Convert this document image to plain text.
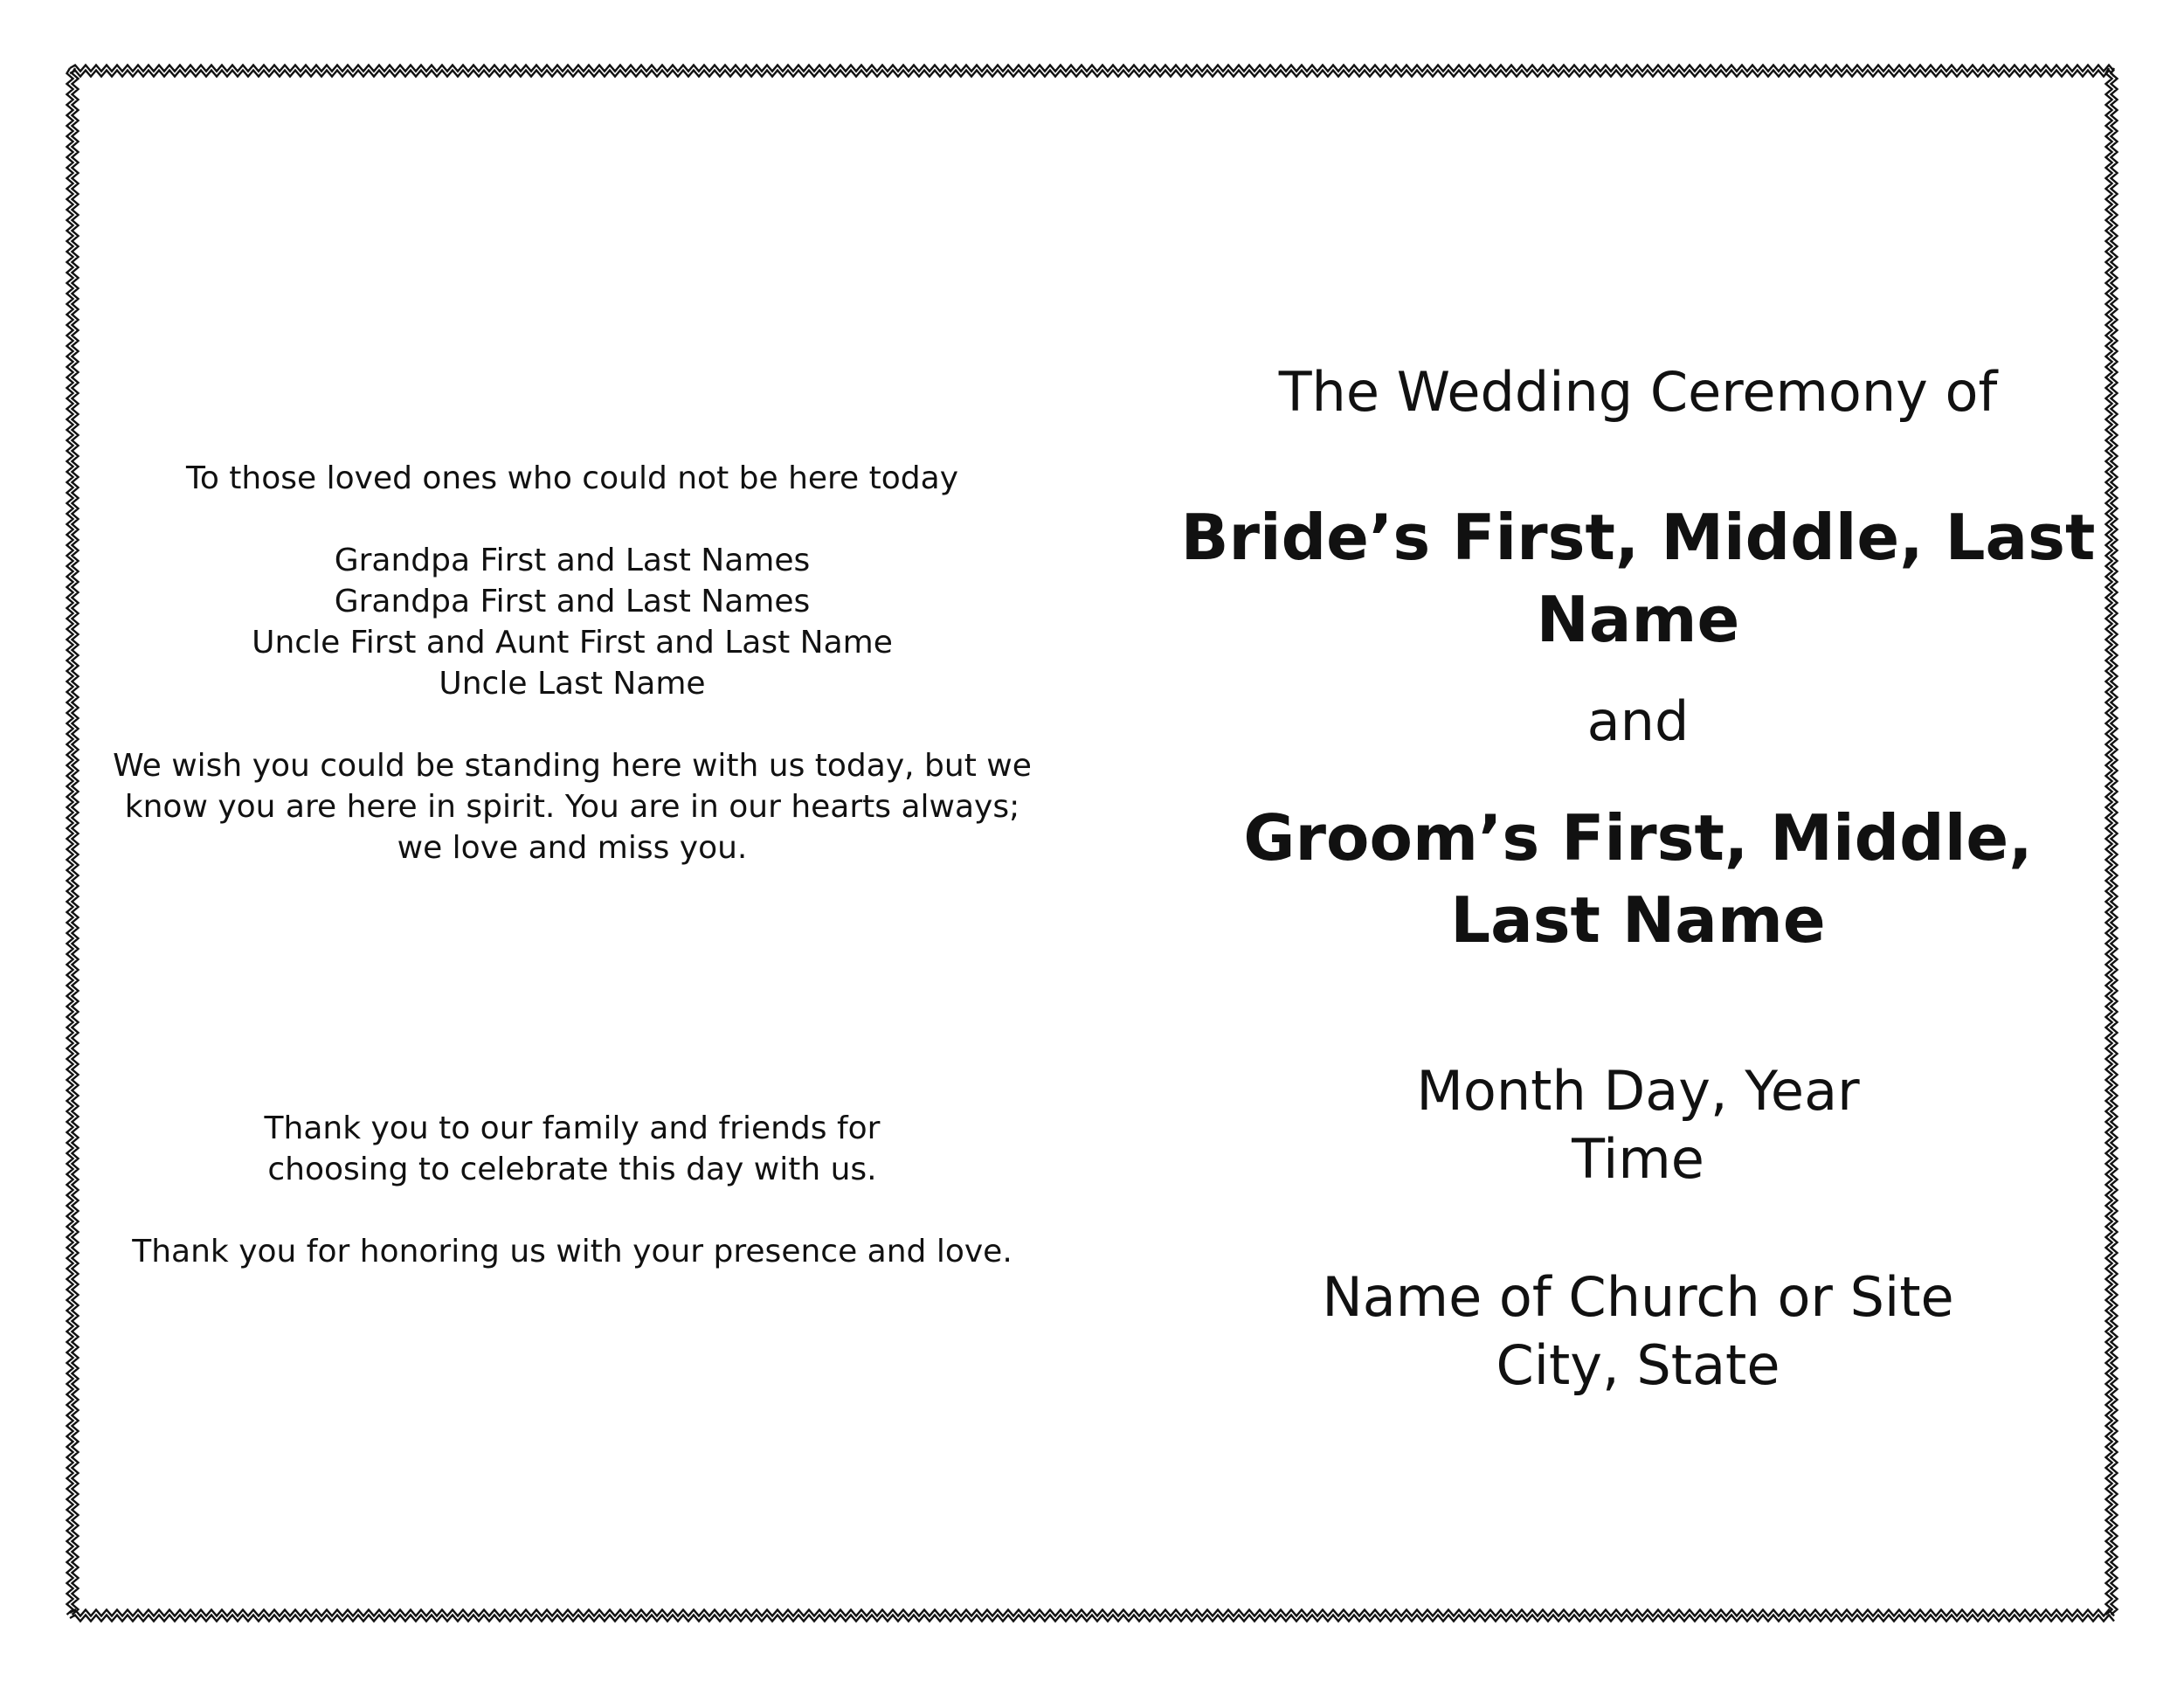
To those loved ones who could not be here today
Grandpa First and Last Names
Grandpa First and Last Names
Uncle First and Aunt First and Last Name
Uncle Last Name
We wish you could be standing here with us today, but we
know you are here in spirit. You are in our hearts always;
we love and miss you.
Thank you to our family and friends for
choosing to celebrate this day with us.
Thank you for honoring us with your presence and love.
The Wedding Ceremony of
Bride’s First, Middle, Last Name
and
Groom’s First, Middle, Last Name
Month Day, Year
Time
Name of Church or Site
City, State
